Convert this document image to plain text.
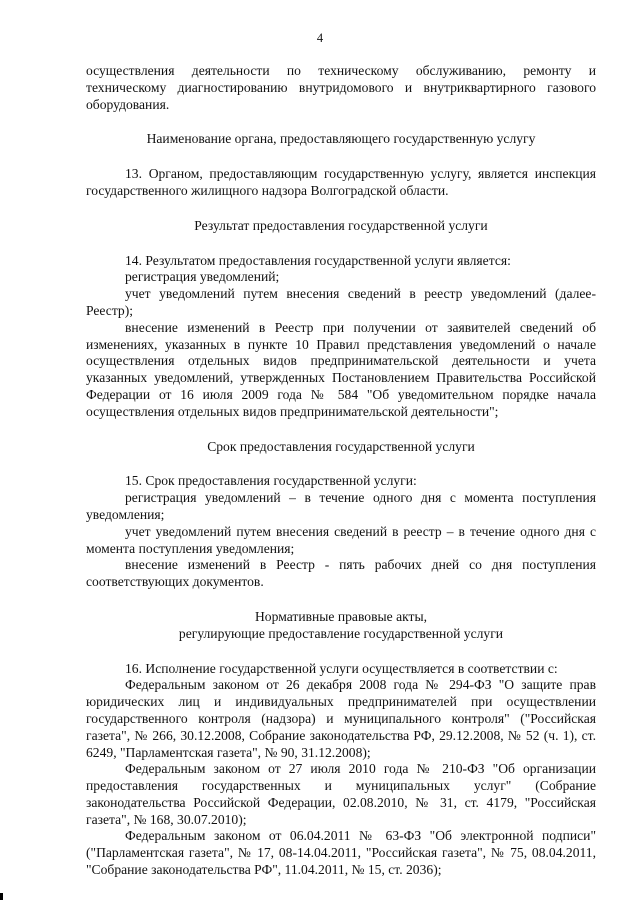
4

осуществления деятельности по техническому обслуживанию, ремонту и техническому диагностированию внутридомового и внутриквартирного газового оборудования.

Наименование органа, предоставляющего государственную услугу

13. Органом, предоставляющим государственную услугу, является инспекция государственного жилищного надзора Волгоградской области.

Результат предоставления государственной услуги

14. Результатом предоставления государственной услуги является:

регистрация уведомлений;

учет уведомлений путем внесения сведений в реестр уведомлений (далее-Реестр);

внесение изменений в Реестр при получении от заявителей сведений об изменениях, указанных в пункте 10 Правил представления уведомлений о начале осуществления отдельных видов предпринимательской деятельности и учета указанных уведомлений, утвержденных Постановлением Правительства Российской Федерации от 16 июля 2009 года № 584 "Об уведомительном порядке начала осуществления отдельных видов предпринимательской деятельности";

Срок предоставления государственной услуги

15. Срок предоставления государственной услуги:

регистрация уведомлений – в течение одного дня с момента поступления уведомления;

учет уведомлений путем внесения сведений в реестр – в течение одного дня с момента поступления уведомления;

внесение изменений в Реестр - пять рабочих дней со дня поступления соответствующих документов.

Нормативные правовые акты,

регулирующие предоставление государственной услуги

16. Исполнение государственной услуги осуществляется в соответствии с:

Федеральным законом от 26 декабря 2008 года № 294-ФЗ "О защите прав юридических лиц и индивидуальных предпринимателей при осуществлении государственного контроля (надзора) и муниципального контроля" ("Российская газета", № 266, 30.12.2008, Собрание законодательства РФ, 29.12.2008, № 52 (ч. 1), ст. 6249, "Парламентская газета", № 90, 31.12.2008);

Федеральным законом от 27 июля 2010 года № 210-ФЗ "Об организации предоставления государственных и муниципальных услуг" (Собрание законодательства Российской Федерации, 02.08.2010, № 31, ст. 4179, "Российская газета", № 168, 30.07.2010);

Федеральным законом от 06.04.2011 № 63-ФЗ "Об электронной подписи" ("Парламентская газета", № 17, 08-14.04.2011, "Российская газета", № 75, 08.04.2011, "Собрание законодательства РФ", 11.04.2011, № 15, ст. 2036);
